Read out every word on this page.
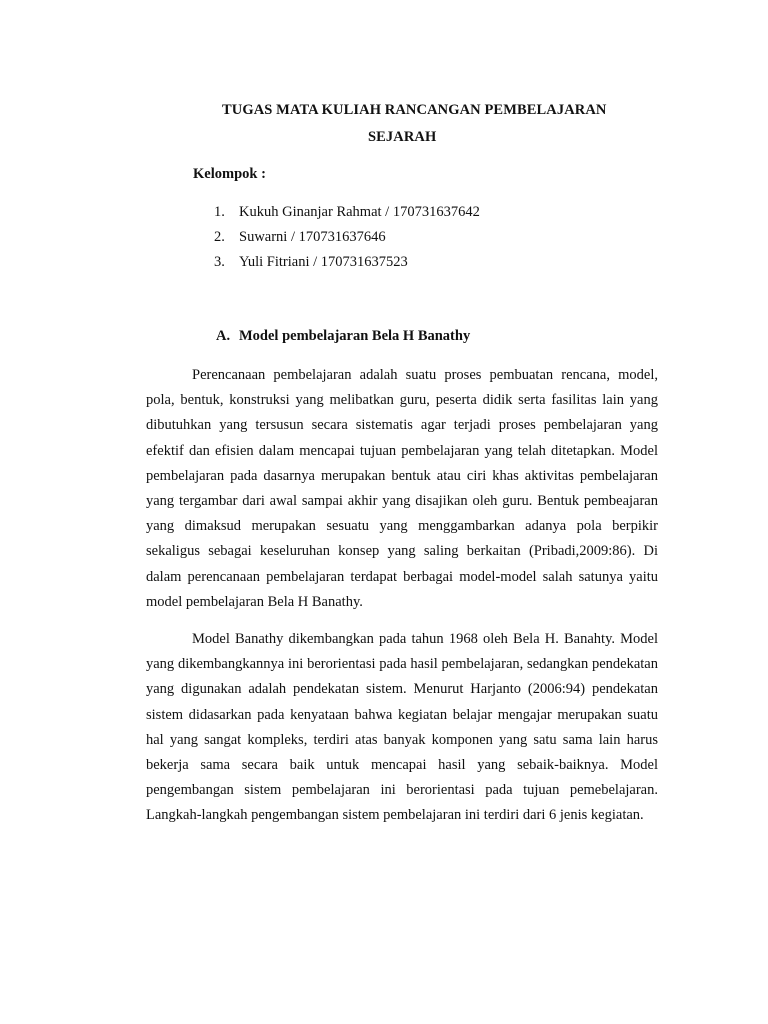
TUGAS MATA KULIAH RANCANGAN PEMBELAJARAN
SEJARAH
Kelompok :
1. Kukuh Ginanjar Rahmat / 170731637642
2. Suwarni / 170731637646
3. Yuli Fitriani / 170731637523
A. Model pembelajaran Bela H Banathy

Perencanaan pembelajaran adalah suatu proses pembuatan rencana, model, pola, bentuk, konstruksi yang melibatkan guru, peserta didik serta fasilitas lain yang dibutuhkan yang tersusun secara sistematis agar terjadi proses pembelajaran yang efektif dan efisien dalam mencapai tujuan pembelajaran yang telah ditetapkan. Model pembelajaran pada dasarnya merupakan bentuk atau ciri khas aktivitas pembelajaran yang tergambar dari awal sampai akhir yang disajikan oleh guru. Bentuk pembeajaran yang dimaksud merupakan sesuatu yang menggambarkan adanya pola berpikir sekaligus sebagai keseluruhan konsep yang saling berkaitan (Pribadi,2009:86). Di dalam perencanaan pembelajaran terdapat berbagai model-model salah satunya yaitu model pembelajaran Bela H Banathy.

Model Banathy dikembangkan pada tahun 1968 oleh Bela H. Banahty. Model yang dikembangkannya ini berorientasi pada hasil pembelajaran, sedangkan pendekatan yang digunakan adalah pendekatan sistem. Menurut Harjanto (2006:94) pendekatan sistem didasarkan pada kenyataan bahwa kegiatan belajar mengajar merupakan suatu hal yang sangat kompleks, terdiri atas banyak komponen yang satu sama lain harus bekerja sama secara baik untuk mencapai hasil yang sebaik-baiknya. Model pengembangan sistem pembelajaran ini berorientasi pada tujuan pemebelajaran. Langkah-langkah pengembangan sistem pembelajaran ini terdiri dari 6 jenis kegiatan.
